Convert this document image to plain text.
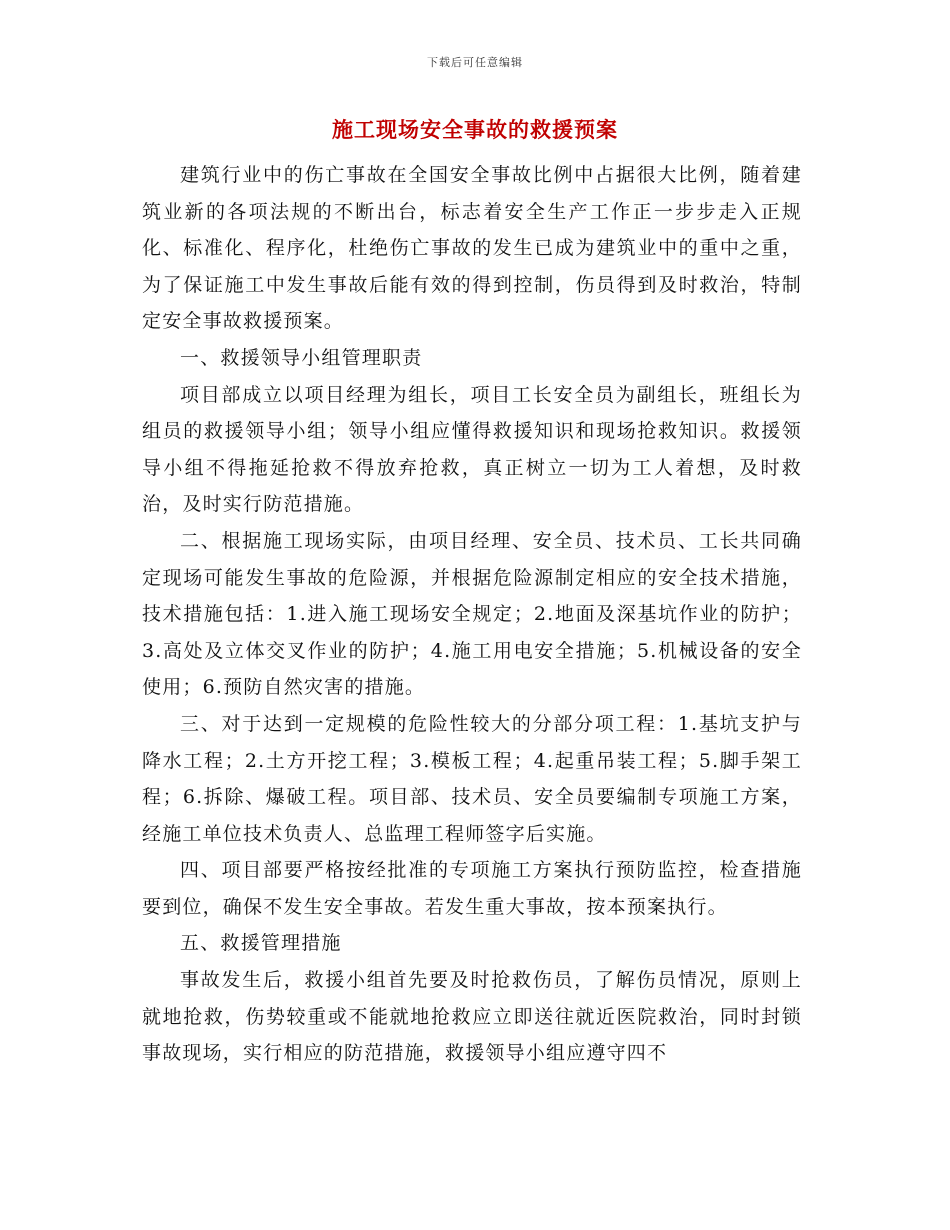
下载后可任意编辑
施工现场安全事故的救援预案

建筑行业中的伤亡事故在全国安全事故比例中占据很大比例，随着建筑业新的各项法规的不断出台，标志着安全生产工作正一步步走入正规化、标准化、程序化，杜绝伤亡事故的发生已成为建筑业中的重中之重，为了保证施工中发生事故后能有效的得到控制，伤员得到及时救治，特制定安全事故救援预案。

一、救援领导小组管理职责

项目部成立以项目经理为组长，项目工长安全员为副组长，班组长为组员的救援领导小组；领导小组应懂得救援知识和现场抢救知识。救援领导小组不得拖延抢救不得放弃抢救，真正树立一切为工人着想，及时救治，及时实行防范措施。

二、根据施工现场实际，由项目经理、安全员、技术员、工长共同确定现场可能发生事故的危险源，并根据危险源制定相应的安全技术措施，技术措施包括：1.进入施工现场安全规定；2.地面及深基坑作业的防护；3.高处及立体交叉作业的防护；4.施工用电安全措施；5.机械设备的安全使用；6.预防自然灾害的措施。

三、对于达到一定规模的危险性较大的分部分项工程：1.基坑支护与降水工程；2.土方开挖工程；3.模板工程；4.起重吊装工程；5.脚手架工程；6.拆除、爆破工程。项目部、技术员、安全员要编制专项施工方案，经施工单位技术负责人、总监理工程师签字后实施。

四、项目部要严格按经批准的专项施工方案执行预防监控，检查措施要到位，确保不发生安全事故。若发生重大事故，按本预案执行。

五、救援管理措施

事故发生后，救援小组首先要及时抢救伤员，了解伤员情况，原则上就地抢救，伤势较重或不能就地抢救应立即送往就近医院救治，同时封锁事故现场，实行相应的防范措施，救援领导小组应遵守四不
